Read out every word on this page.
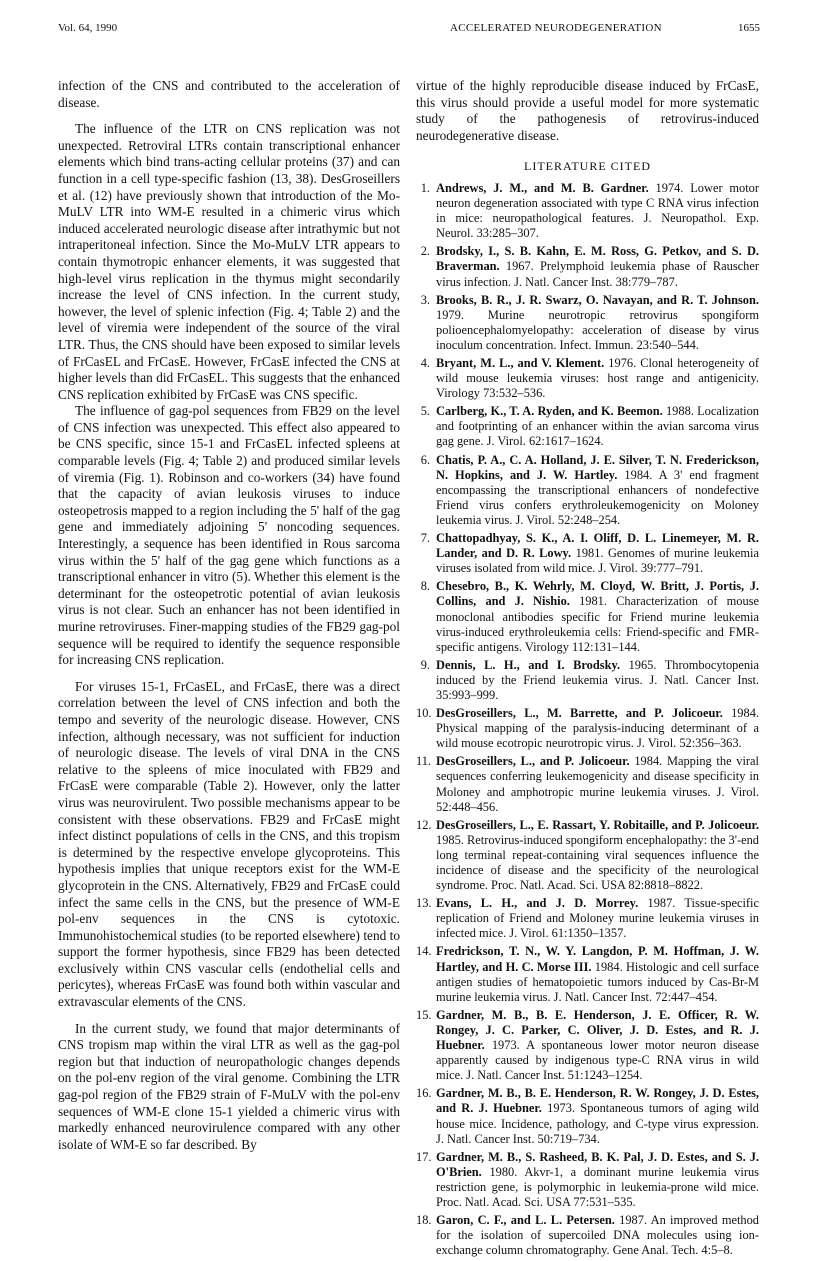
Vol. 64, 1990	ACCELERATED NEURODEGENERATION	1655

infection of the CNS and contributed to the acceleration of disease.

The influence of the LTR on CNS replication was not unexpected. Retroviral LTRs contain transcriptional enhancer elements which bind trans-acting cellular proteins (37) and can function in a cell type-specific fashion (13, 38). DesGroseillers et al. (12) have previously shown that introduction of the Mo-MuLV LTR into WM-E resulted in a chimeric virus which induced accelerated neurologic disease after intrathymic but not intraperitoneal infection. Since the Mo-MuLV LTR appears to contain thymotropic enhancer elements, it was suggested that high-level virus replication in the thymus might secondarily increase the level of CNS infection. In the current study, however, the level of splenic infection (Fig. 4; Table 2) and the level of viremia were independent of the source of the viral LTR. Thus, the CNS should have been exposed to similar levels of FrCasEL and FrCasE. However, FrCasE infected the CNS at higher levels than did FrCasEL. This suggests that the enhanced CNS replication exhibited by FrCasE was CNS specific.

The influence of gag-pol sequences from FB29 on the level of CNS infection was unexpected. This effect also appeared to be CNS specific, since 15-1 and FrCasEL infected spleens at comparable levels (Fig. 4; Table 2) and produced similar levels of viremia (Fig. 1). Robinson and co-workers (34) have found that the capacity of avian leukosis viruses to induce osteopetrosis mapped to a region including the 5' half of the gag gene and immediately adjoining 5' noncoding sequences. Interestingly, a sequence has been identified in Rous sarcoma virus within the 5' half of the gag gene which functions as a transcriptional enhancer in vitro (5). Whether this element is the determinant for the osteopetrotic potential of avian leukosis virus is not clear. Such an enhancer has not been identified in murine retroviruses. Finer-mapping studies of the FB29 gag-pol sequence will be required to identify the sequence responsible for increasing CNS replication.

For viruses 15-1, FrCasEL, and FrCasE, there was a direct correlation between the level of CNS infection and both the tempo and severity of the neurologic disease. However, CNS infection, although necessary, was not sufficient for induction of neurologic disease. The levels of viral DNA in the CNS relative to the spleens of mice inoculated with FB29 and FrCasE were comparable (Table 2). However, only the latter virus was neurovirulent. Two possible mechanisms appear to be consistent with these observations. FB29 and FrCasE might infect distinct populations of cells in the CNS, and this tropism is determined by the respective envelope glycoproteins. This hypothesis implies that unique receptors exist for the WM-E glycoprotein in the CNS. Alternatively, FB29 and FrCasE could infect the same cells in the CNS, but the presence of WM-E pol-env sequences in the CNS is cytotoxic. Immunohistochemical studies (to be reported elsewhere) tend to support the former hypothesis, since FB29 has been detected exclusively within CNS vascular cells (endothelial cells and pericytes), whereas FrCasE was found both within vascular and extravascular elements of the CNS.

In the current study, we found that major determinants of CNS tropism map within the viral LTR as well as the gag-pol region but that induction of neuropathologic changes depends on the pol-env region of the viral genome. Combining the LTR gag-pol region of the FB29 strain of F-MuLV with the pol-env sequences of WM-E clone 15-1 yielded a chimeric virus with markedly enhanced neurovirulence compared with any other isolate of WM-E so far described. By

virtue of the highly reproducible disease induced by FrCasE, this virus should provide a useful model for more systematic study of the pathogenesis of retrovirus-induced neurodegenerative disease.

LITERATURE CITED
1. Andrews, J. M., and M. B. Gardner. 1974. Lower motor neuron degeneration associated with type C RNA virus infection in mice: neuropathological features. J. Neuropathol. Exp. Neurol. 33:285–307.
2. Brodsky, I., S. B. Kahn, E. M. Ross, G. Petkov, and S. D. Braverman. 1967. Prelymphoid leukemia phase of Rauscher virus infection. J. Natl. Cancer Inst. 38:779–787.
3. Brooks, B. R., J. R. Swarz, O. Navayan, and R. T. Johnson. 1979. Murine neurotropic retrovirus spongiform polioencephalomyelopathy: acceleration of disease by virus inoculum concentration. Infect. Immun. 23:540–544.
4. Bryant, M. L., and V. Klement. 1976. Clonal heterogeneity of wild mouse leukemia viruses: host range and antigenicity. Virology 73:532–536.
5. Carlberg, K., T. A. Ryden, and K. Beemon. 1988. Localization and footprinting of an enhancer within the avian sarcoma virus gag gene. J. Virol. 62:1617–1624.
6. Chatis, P. A., C. A. Holland, J. E. Silver, T. N. Frederickson, N. Hopkins, and J. W. Hartley. 1984. A 3' end fragment encompassing the transcriptional enhancers of nondefective Friend virus confers erythroleukemogenicity on Moloney leukemia virus. J. Virol. 52:248–254.
7. Chattopadhyay, S. K., A. I. Oliff, D. L. Linemeyer, M. R. Lander, and D. R. Lowy. 1981. Genomes of murine leukemia viruses isolated from wild mice. J. Virol. 39:777–791.
8. Chesebro, B., K. Wehrly, M. Cloyd, W. Britt, J. Portis, J. Collins, and J. Nishio. 1981. Characterization of mouse monoclonal antibodies specific for Friend murine leukemia virus-induced erythroleukemia cells: Friend-specific and FMR-specific antigens. Virology 112:131–144.
9. Dennis, L. H., and I. Brodsky. 1965. Thrombocytopenia induced by the Friend leukemia virus. J. Natl. Cancer Inst. 35:993–999.
10. DesGroseillers, L., M. Barrette, and P. Jolicoeur. 1984. Physical mapping of the paralysis-inducing determinant of a wild mouse ecotropic neurotropic virus. J. Virol. 52:356–363.
11. DesGroseillers, L., and P. Jolicoeur. 1984. Mapping the viral sequences conferring leukemogenicity and disease specificity in Moloney and amphotropic murine leukemia viruses. J. Virol. 52:448–456.
12. DesGroseillers, L., E. Rassart, Y. Robitaille, and P. Jolicoeur. 1985. Retrovirus-induced spongiform encephalopathy: the 3'-end long terminal repeat-containing viral sequences influence the incidence of disease and the specificity of the neurological syndrome. Proc. Natl. Acad. Sci. USA 82:8818–8822.
13. Evans, L. H., and J. D. Morrey. 1987. Tissue-specific replication of Friend and Moloney murine leukemia viruses in infected mice. J. Virol. 61:1350–1357.
14. Fredrickson, T. N., W. Y. Langdon, P. M. Hoffman, J. W. Hartley, and H. C. Morse III. 1984. Histologic and cell surface antigen studies of hematopoietic tumors induced by Cas-Br-M murine leukemia virus. J. Natl. Cancer Inst. 72:447–454.
15. Gardner, M. B., B. E. Henderson, J. E. Officer, R. W. Rongey, J. C. Parker, C. Oliver, J. D. Estes, and R. J. Huebner. 1973. A spontaneous lower motor neuron disease apparently caused by indigenous type-C RNA virus in wild mice. J. Natl. Cancer Inst. 51:1243–1254.
16. Gardner, M. B., B. E. Henderson, R. W. Rongey, J. D. Estes, and R. J. Huebner. 1973. Spontaneous tumors of aging wild house mice. Incidence, pathology, and C-type virus expression. J. Natl. Cancer Inst. 50:719–734.
17. Gardner, M. B., S. Rasheed, B. K. Pal, J. D. Estes, and S. J. O'Brien. 1980. Akvr-1, a dominant murine leukemia virus restriction gene, is polymorphic in leukemia-prone wild mice. Proc. Natl. Acad. Sci. USA 77:531–535.
18. Garon, C. F., and L. L. Petersen. 1987. An improved method for the isolation of supercoiled DNA molecules using ion-exchange column chromatography. Gene Anal. Tech. 4:5–8.
